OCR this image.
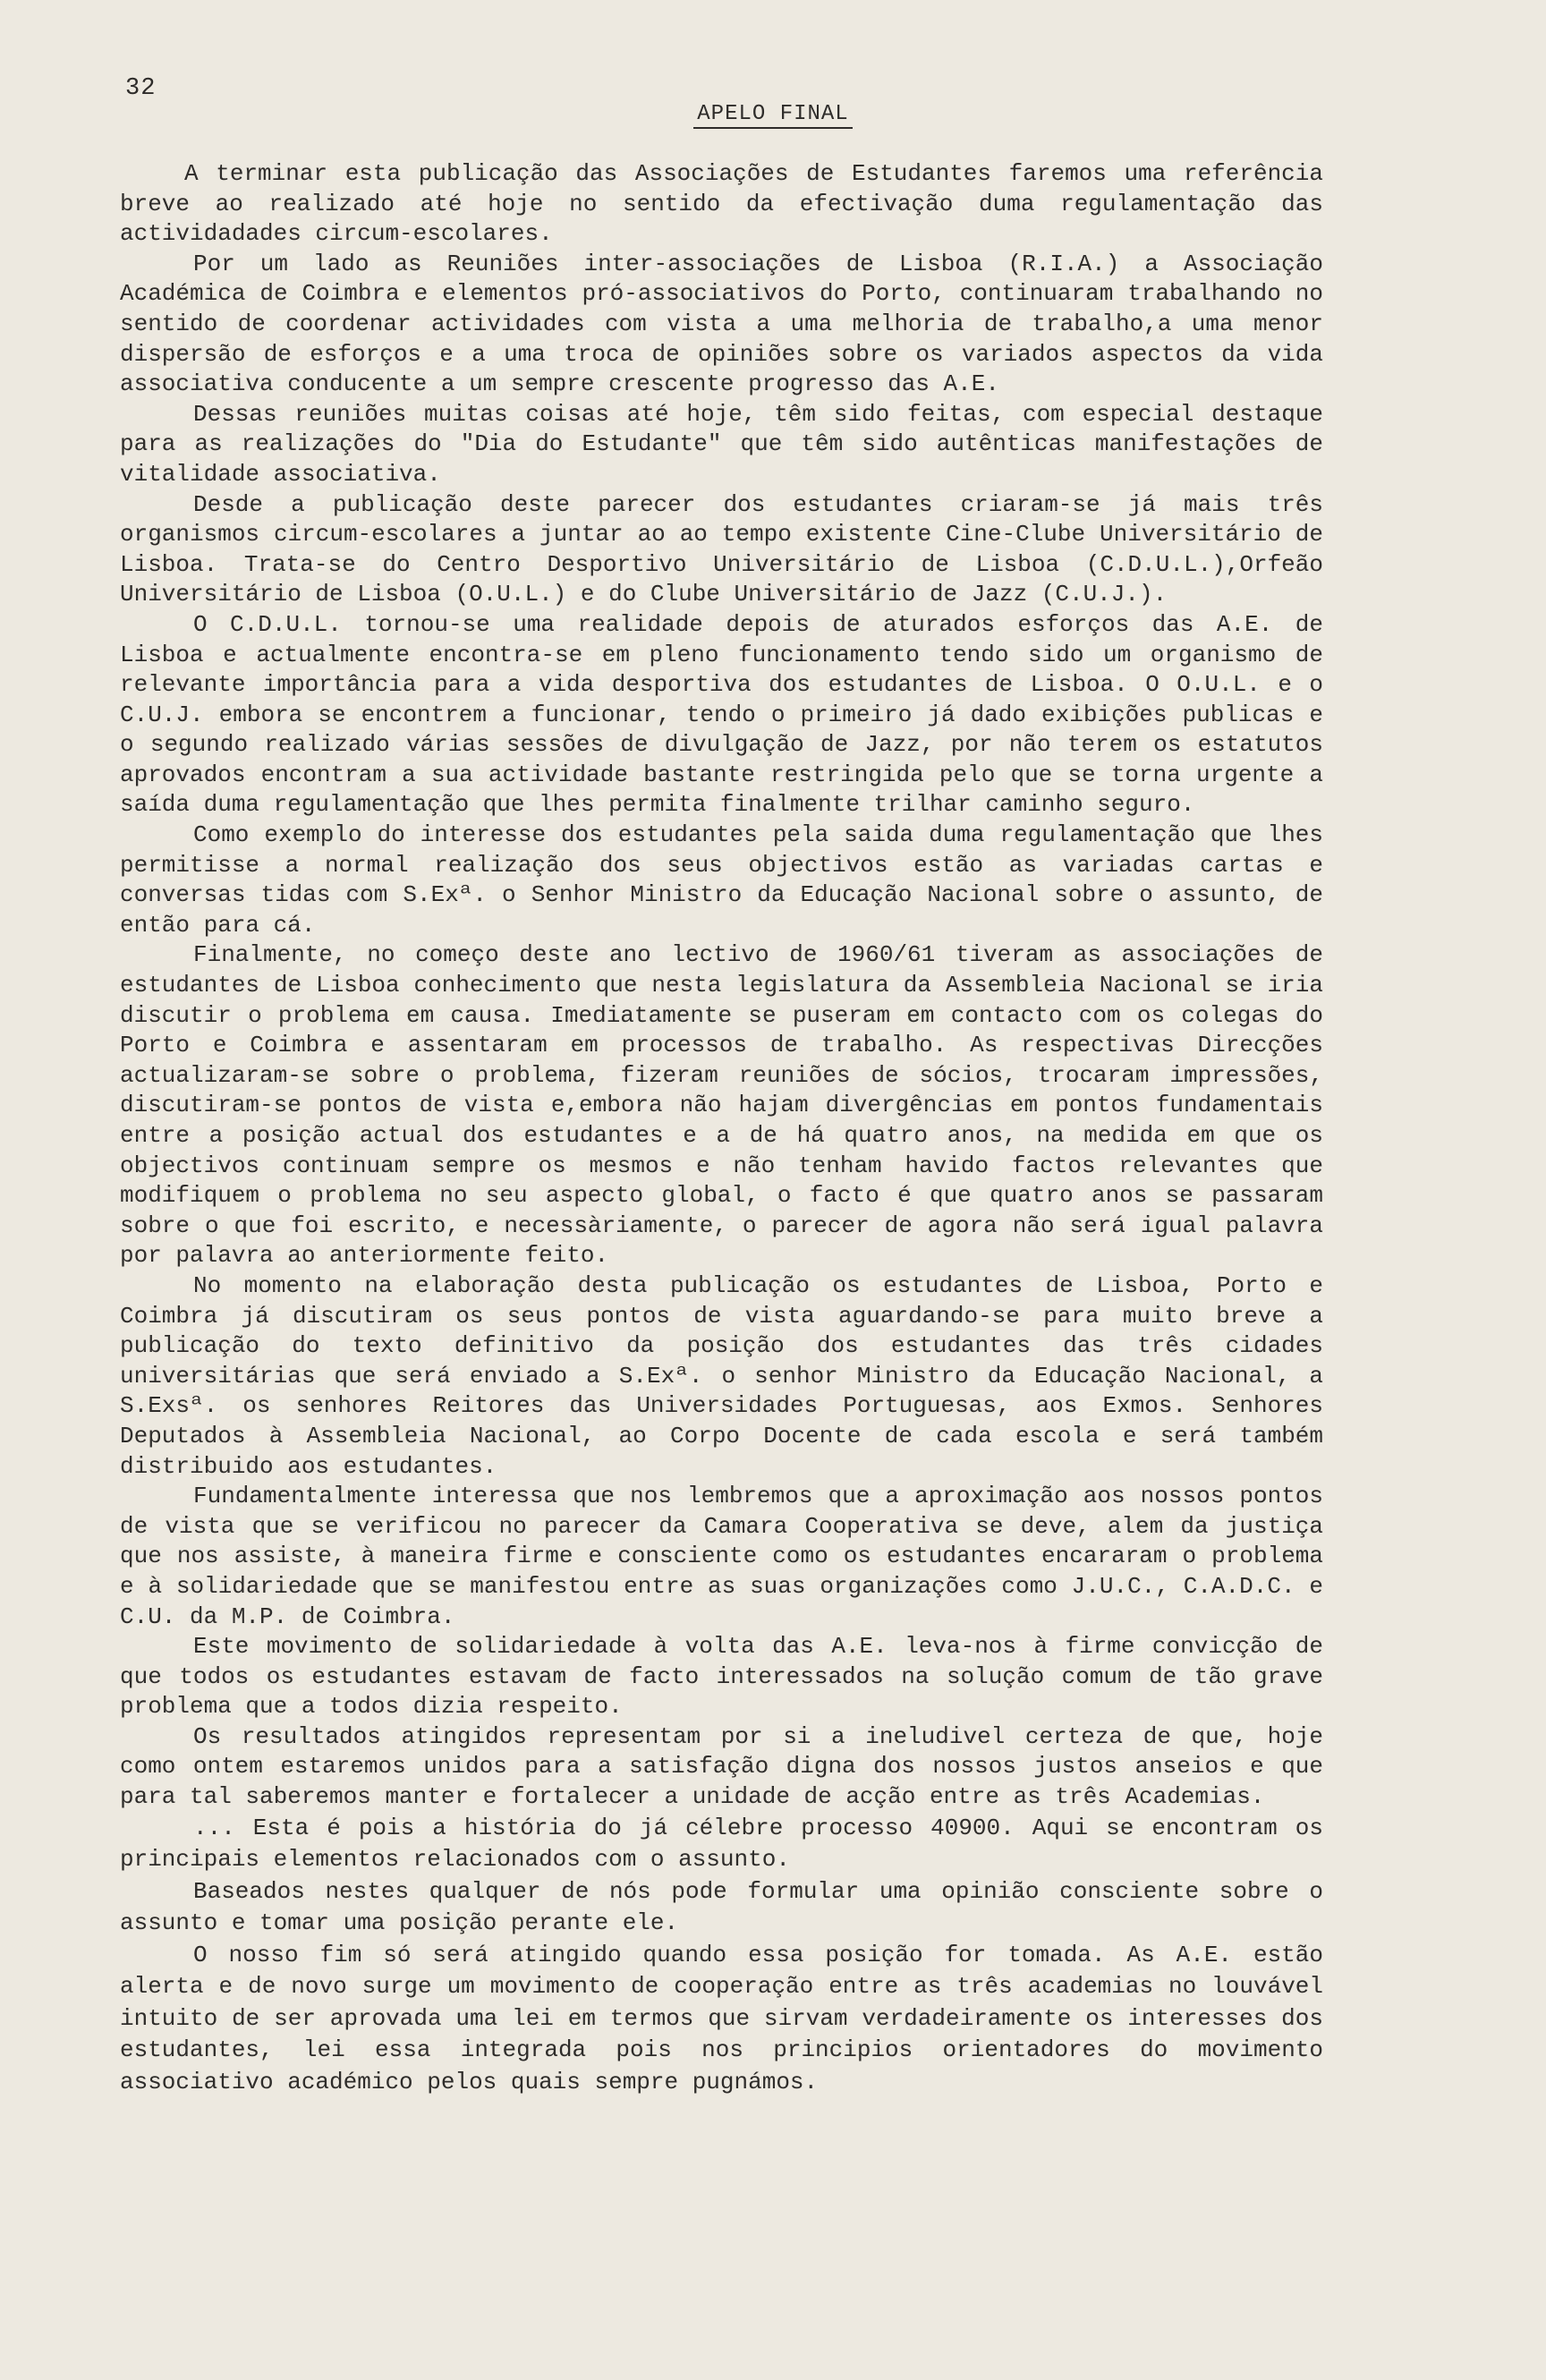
32
APELO FINAL

A terminar esta publicação das Associações de Estudantes faremos uma referência breve ao realizado até hoje no sentido da efectivação duma regulamentação das actividadades circum-escolares.

Por um lado as Reuniões inter-associações de Lisboa (R.I.A.) a Associação Académica de Coimbra e elementos pró-associativos do Porto, continuaram trabalhando no sentido de coordenar actividades com vista a uma melhoria de trabalho,a uma menor dispersão de esforços e a uma troca de opiniões sobre os variados aspectos da vida associativa conducente a um sempre crescente progresso das A.E.

Dessas reuniões muitas coisas até hoje, têm sido feitas, com especial destaque para as realizações do "Dia do Estudante" que têm sido autênticas manifestações de vitalidade associativa.

Desde a publicação deste parecer dos estudantes criaram-se já mais três organismos circum-escolares a juntar ao ao tempo existente Cine-Clube Universitário de Lisboa. Trata-se do Centro Desportivo Universitário de Lisboa (C.D.U.L.),Orfeão Universitário de Lisboa (O.U.L.) e do Clube Universitário de Jazz (C.U.J.).

O C.D.U.L. tornou-se uma realidade depois de aturados esforços das A.E. de Lisboa e actualmente encontra-se em pleno funcionamento tendo sido um organismo de relevante importância para a vida desportiva dos estudantes de Lisboa. O O.U.L. e o C.U.J. embora se encontrem a funcionar, tendo o primeiro já dado exibições publicas e o segundo realizado várias sessões de divulgação de Jazz, por não terem os estatutos aprovados encontram a sua actividade bastante restringida pelo que se torna urgente a saída duma regulamentação que lhes permita finalmente trilhar caminho seguro.

Como exemplo do interesse dos estudantes pela saida duma regulamentação que lhes permitisse a normal realização dos seus objectivos estão as variadas cartas e conversas tidas com S.Exª. o Senhor Ministro da Educação Nacional sobre o assunto, de então para cá.

Finalmente, no começo deste ano lectivo de 1960/61 tiveram as associações de estudantes de Lisboa conhecimento que nesta legislatura da Assembleia Nacional se iria discutir o problema em causa. Imediatamente se puseram em contacto com os colegas do Porto e Coimbra e assentaram em processos de trabalho. As respectivas Direcções actualizaram-se sobre o problema, fizeram reuniões de sócios, trocaram impressões, discutiram-se pontos de vista e,embora não hajam divergências em pontos fundamentais entre a posição actual dos estudantes e a de há quatro anos, na medida em que os objectivos continuam sempre os mesmos e não tenham havido factos relevantes que modifiquem o problema no seu aspecto global, o facto é que quatro anos se passaram sobre o que foi escrito, e necessàriamente, o parecer de agora não será igual palavra por palavra ao anteriormente feito.

No momento na elaboração desta publicação os estudantes de Lisboa, Porto e Coimbra já discutiram os seus pontos de vista aguardando-se para muito breve a publicação do texto definitivo da posição dos estudantes das três cidades universitárias que será enviado a S.Exª. o senhor Ministro da Educação Nacional, a S.Exsª. os senhores Reitores das Universidades Portuguesas, aos Exmos. Senhores Deputados à Assembleia Nacional, ao Corpo Docente de cada escola e será também distribuido aos estudantes.

Fundamentalmente interessa que nos lembremos que a aproximação aos nossos pontos de vista que se verificou no parecer da Camara Cooperativa se deve, alem da justiça que nos assiste, à maneira firme e consciente como os estudantes encararam o problema e à solidariedade que se manifestou entre as suas organizações como J.U.C., C.A.D.C. e C.U. da M.P. de Coimbra.

Este movimento de solidariedade à volta das A.E. leva-nos à firme convicção de que todos os estudantes estavam de facto interessados na solução comum de tão grave problema que a todos dizia respeito.

Os resultados atingidos representam por si a ineludivel certeza de que, hoje como ontem estaremos unidos para a satisfação digna dos nossos justos anseios e que para tal saberemos manter e fortalecer a unidade de acção entre as três Academias.

... Esta é pois a história do já célebre processo 40900. Aqui se encontram os principais elementos relacionados com o assunto.

Baseados nestes qualquer de nós pode formular uma opinião consciente sobre o assunto e tomar uma posição perante ele.

O nosso fim só será atingido quando essa posição for tomada. As A.E. estão alerta e de novo surge um movimento de cooperação entre as três academias no louvável intuito de ser aprovada uma lei em termos que sirvam verdadeiramente os interesses dos estudantes, lei essa integrada pois nos principios orientadores do movimento associativo académico pelos quais sempre pugnámos.
